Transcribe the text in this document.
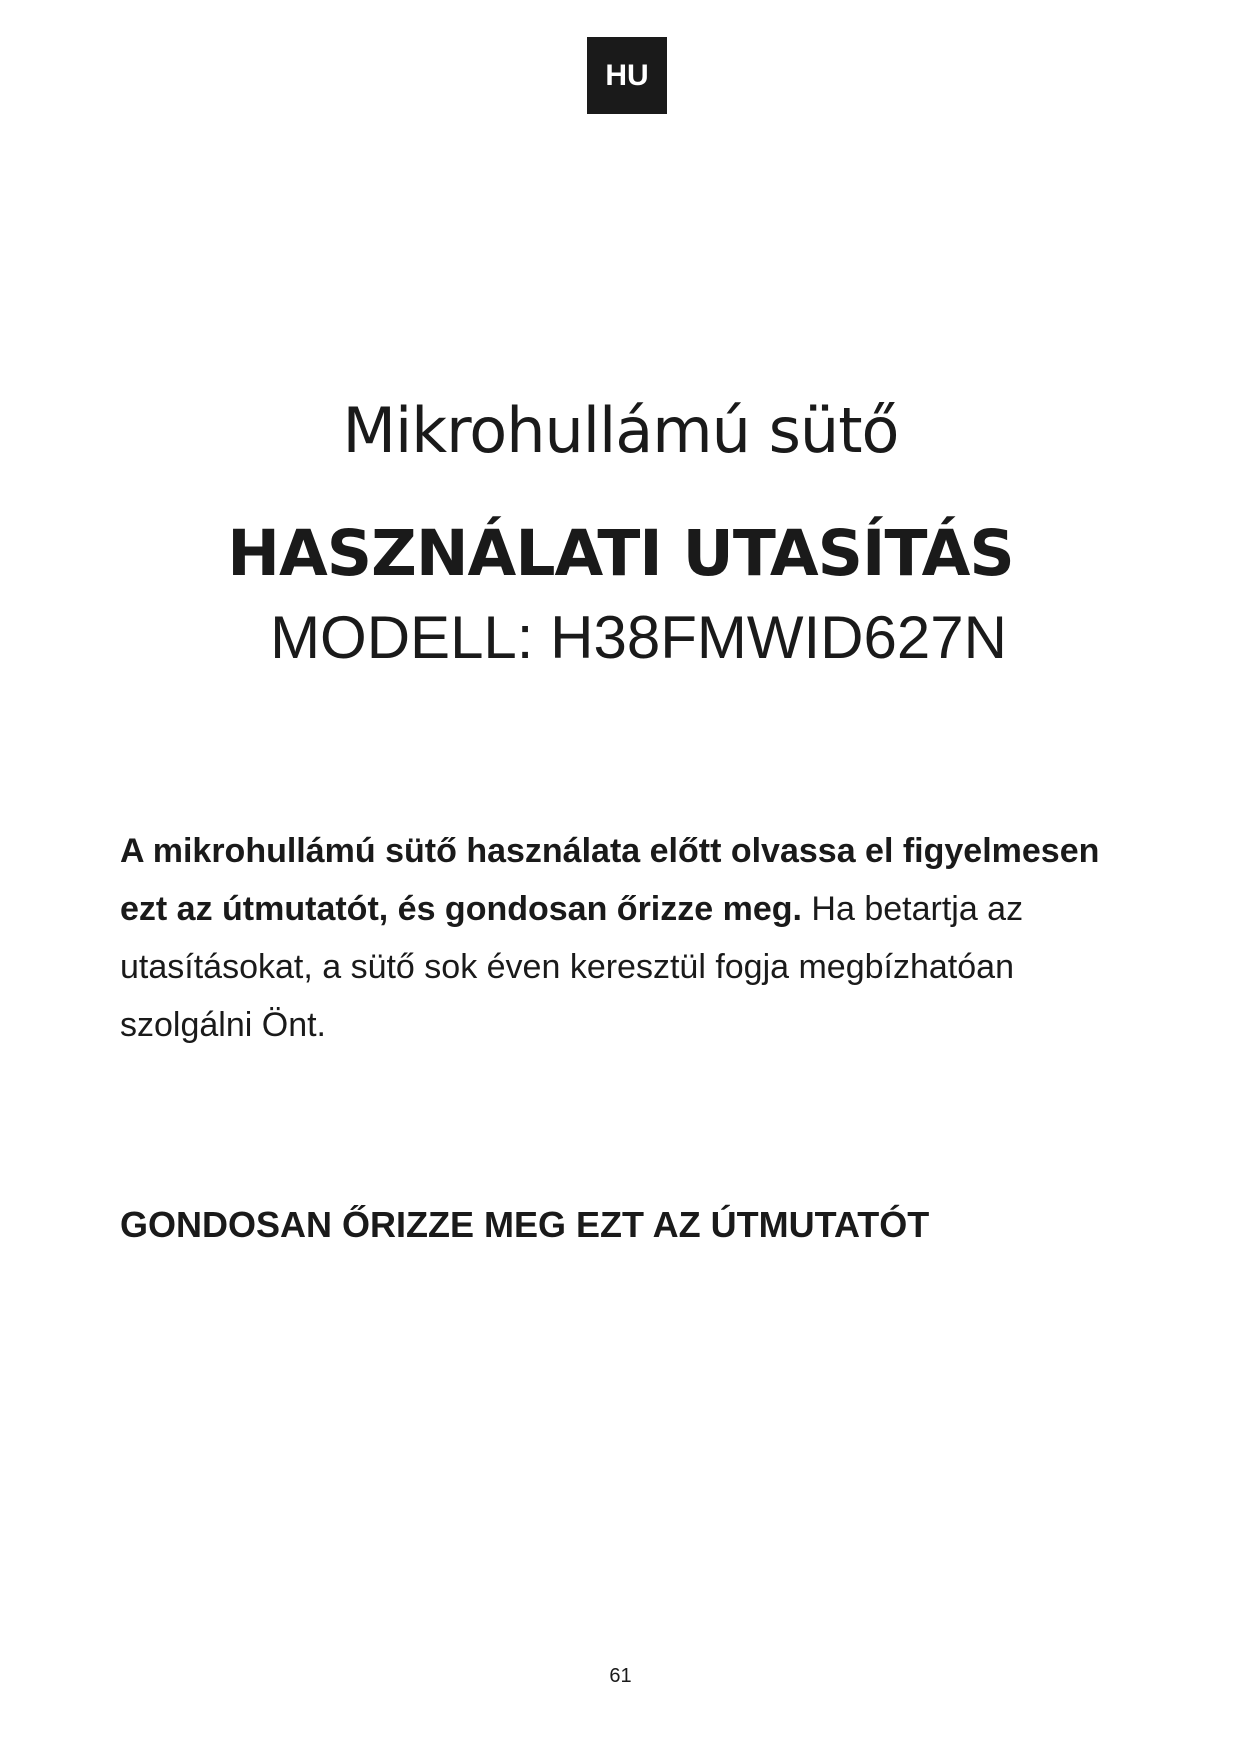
HU
Mikrohullámú sütő
HASZNÁLATI UTASÍTÁS
MODELL: H38FMWID627N
A mikrohullámú sütő használata előtt olvassa el figyelmesen ezt az útmutatót, és gondosan őrizze meg. Ha betartja az utasításokat, a sütő sok éven keresztül fogja megbízhatóan szolgálni Önt.
GONDOSAN ŐRIZZE MEG EZT AZ ÚTMUTATÓT
61
